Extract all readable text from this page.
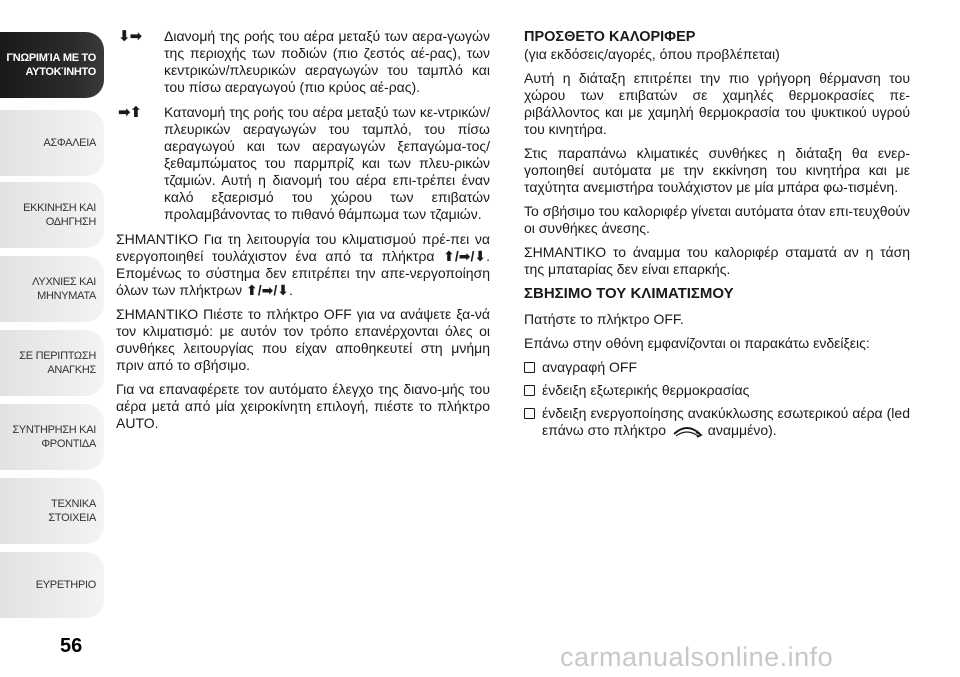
ΓΝΩΡΙΜΊΑ ΜΕ ΤΟ
ΑΥΤΟΚΊΝΗΤΟ
ΑΣΦΑΛΕΙΑ
ΕΚΚΙΝΗΣΗ ΚΑΙ
ΟΔΗΓΗΣΗ
ΛΥΧΝΙΕΣ ΚΑΙ
ΜΗΝΥΜΑΤΑ
ΣΕ ΠΕΡΙΠΤΩΣΗ
ΑΝΑΓΚΗΣ
ΣΥΝΤΗΡΗΣΗ ΚΑΙ
ΦΡΟΝΤΙΔΑ
ΤΕΧΝΙΚΑ ΣΤΟΙΧΕΙΑ
ΕΥΡΕΤΗΡΙΟ
56
⬇➡	Διανομή της ροής του αέρα μεταξύ των αερα-γωγών της περιοχής των ποδιών (πιο ζεστός αέ-ρας), των κεντρικών/πλευρικών αεραγωγών του ταμπλό και του πίσω αεραγωγού (πιο κρύος αέ-ρας).
➡⬆	Κατανομή της ροής του αέρα μεταξύ των κε-ντρικών/πλευρικών αεραγωγών του ταμπλό, του πίσω αεραγωγού και των αεραγωγών ξεπαγώμα-τος/ξεθαμπώματος του παρμπρίζ και των πλευ-ρικών τζαμιών. Αυτή η διανομή του αέρα επι-τρέπει έναν καλό εξαερισμό του χώρου των επιβατών προλαμβάνοντας το πιθανό θάμπωμα των τζαμιών.

ΣΗΜΑΝΤΙΚΟ Για τη λειτουργία του κλιματισμού πρέ-πει να ενεργοποιηθεί τουλάχιστον ένα από τα πλήκτρα ⬆/➡/⬇. Επομένως το σύστημα δεν επιτρέπει την απε-νεργοποίηση όλων των πλήκτρων ⬆/➡/⬇.

ΣΗΜΑΝΤΙΚΟ Πιέστε το πλήκτρο OFF για να ανάψετε ξα-νά τον κλιματισμό: με αυτόν τον τρόπο επανέρχονται όλες οι συνθήκες λειτουργίας που είχαν αποθηκευτεί στη μνήμη πριν από το σβήσιμο.

Για να επαναφέρετε τον αυτόματο έλεγχο της διανο-μής του αέρα μετά από μία χειροκίνητη επιλογή, πιέστε το πλήκτρο AUTO.

ΠΡΟΣΘΕΤΟ ΚΑΛΟΡΙΦΕΡ

(για εκδόσεις/αγορές, όπου προβλέπεται)

Αυτή η διάταξη επιτρέπει την πιο γρήγορη θέρμανση του χώρου των επιβατών σε χαμηλές θερμοκρασίες πε-ριβάλλοντος και με χαμηλή θερμοκρασία του ψυκτικού υγρού του κινητήρα.

Στις παραπάνω κλιματικές συνθήκες η διάταξη θα ενερ-γοποιηθεί αυτόματα με την εκκίνηση του κινητήρα και με ταχύτητα ανεμιστήρα τουλάχιστον με μία μπάρα φω-τισμένη.

Το σβήσιμο του καλοριφέρ γίνεται αυτόματα όταν επι-τευχθούν οι συνθήκες άνεσης.

ΣΗΜΑΝΤΙΚΟ το άναμμα του καλοριφέρ σταματά αν η τάση της μπαταρίας δεν είναι επαρκής.

ΣΒΗΣΙΜΟ ΤΟΥ ΚΛΙΜΑΤΙΣΜΟΥ

Πατήστε το πλήκτρο OFF.

Επάνω στην οθόνη εμφανίζονται οι παρακάτω ενδείξεις:

αναγραφή OFF
ένδειξη εξωτερικής θερμοκρασίας
ένδειξη ενεργοποίησης ανακύκλωσης εσωτερικού αέρα (led επάνω στο πλήκτρο	αναμμένο).
carmanualsonline.info
